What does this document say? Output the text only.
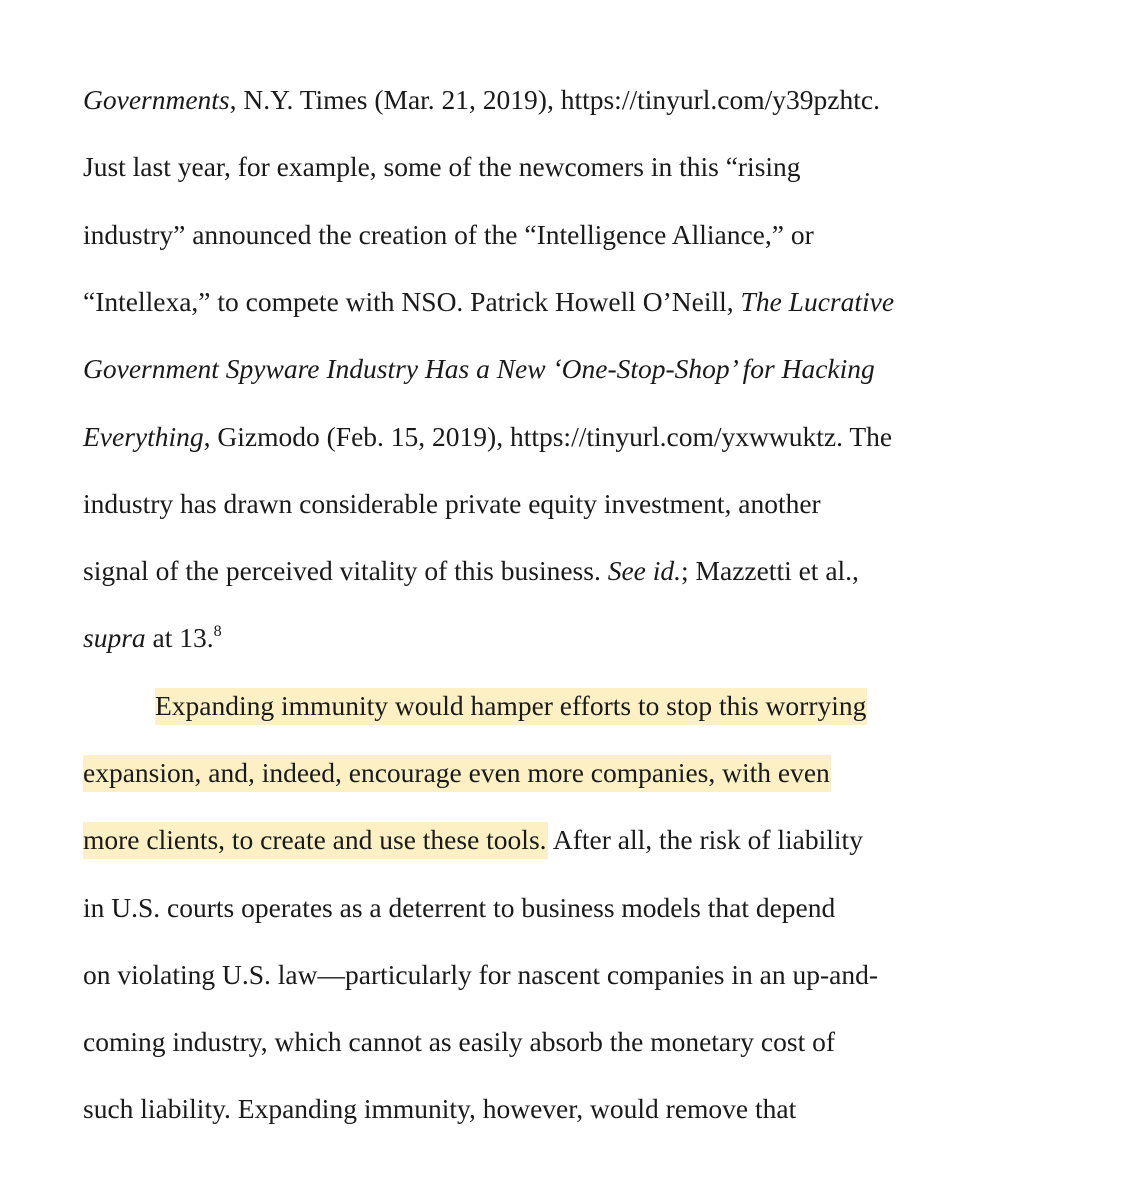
Governments, N.Y. Times (Mar. 21, 2019), https://tinyurl.com/y39pzhtc.
Just last year, for example, some of the newcomers in this “rising
industry” announced the creation of the “Intelligence Alliance,” or
“Intellexa,” to compete with NSO. Patrick Howell O’Neill, The Lucrative
Government Spyware Industry Has a New ‘One-Stop-Shop’ for Hacking
Everything, Gizmodo (Feb. 15, 2019), https://tinyurl.com/yxwwuktz. The
industry has drawn considerable private equity investment, another
signal of the perceived vitality of this business. See id.; Mazzetti et al.,
supra at 13.$^8$
Expanding immunity would hamper efforts to stop this worrying
expansion, and, indeed, encourage even more companies, with even
more clients, to create and use these tools. After all, the risk of liability
in U.S. courts operates as a deterrent to business models that depend
on violating U.S. law—particularly for nascent companies in an up-and-
coming industry, which cannot as easily absorb the monetary cost of
such liability. Expanding immunity, however, would remove that
